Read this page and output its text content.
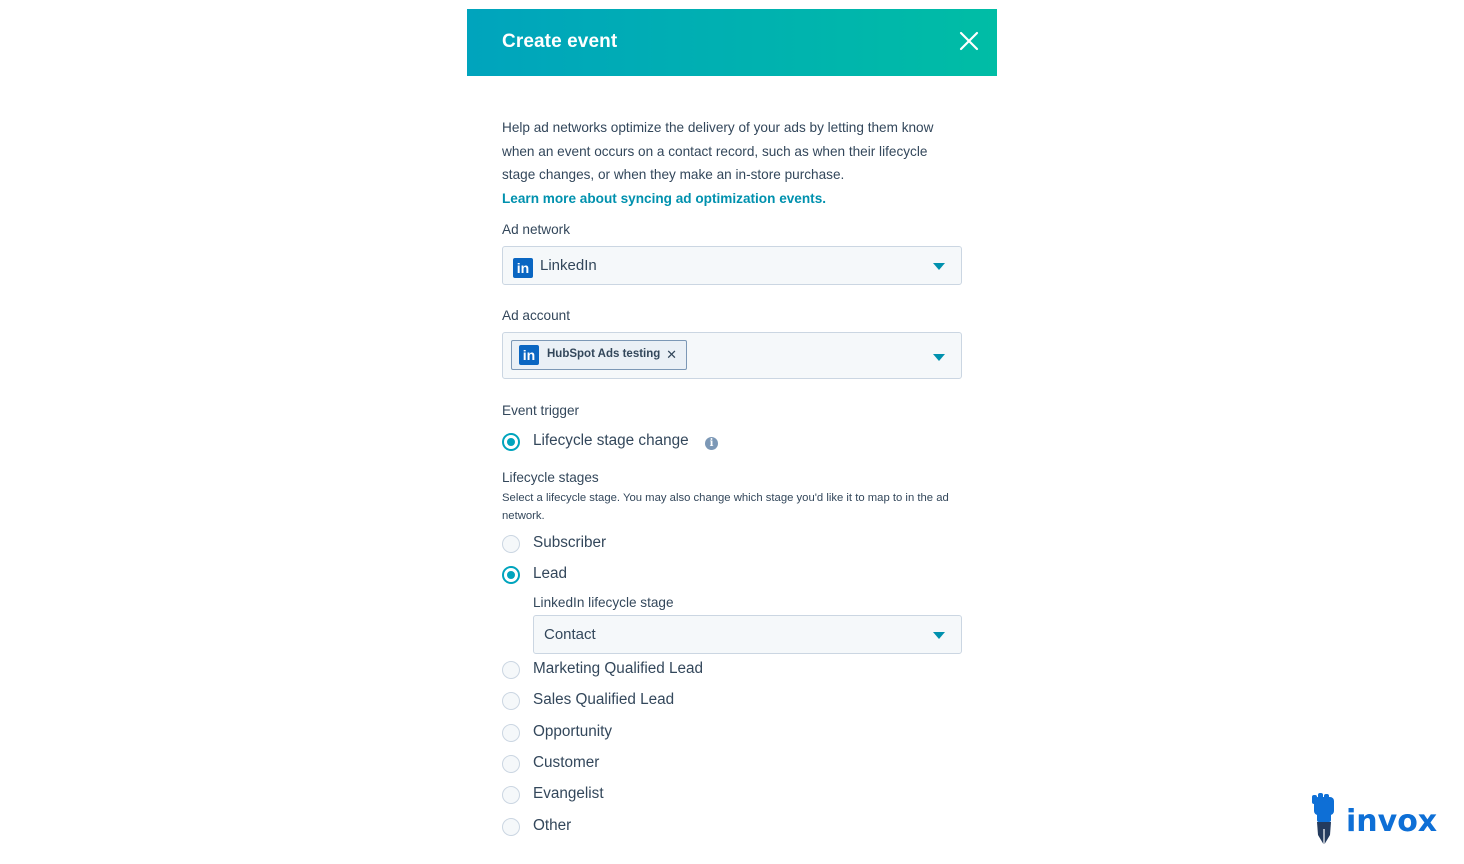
Create event

Help ad networks optimize the delivery of your ads by letting them know when an event occurs on a contact record, such as when their lifecycle stage changes, or when they make an in-store purchase.

Learn more about syncing ad optimization events.
Ad network
in LinkedIn
Ad account
in	HubSpot Ads testing ✕
Event trigger
Lifecycle stage change	i
Lifecycle stages
Select a lifecycle stage. You may also change which stage you'd like it to map to in the ad network.
Subscriber
Lead
LinkedIn lifecycle stage
Contact
Marketing Qualified Lead
Sales Qualified Lead
Opportunity
Customer
Evangelist
Other	invox
